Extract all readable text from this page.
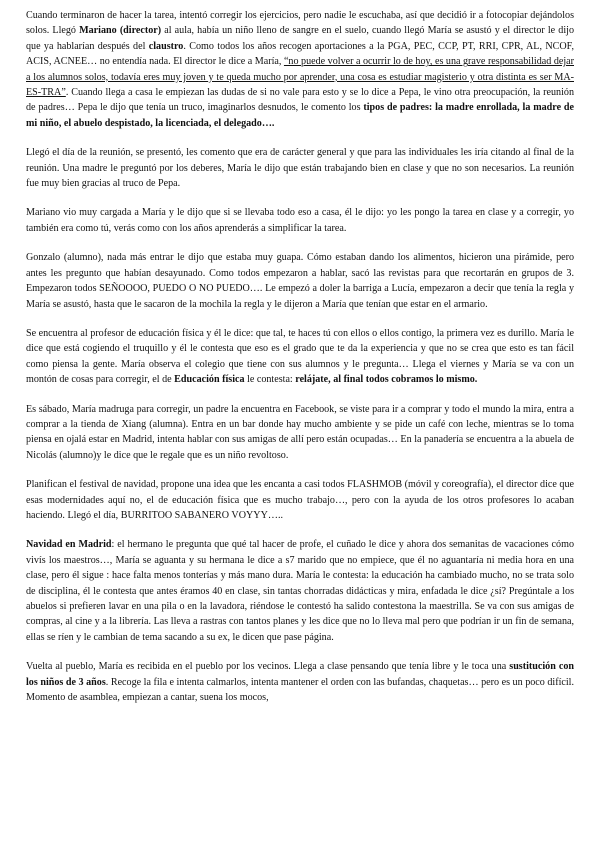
Cuando terminaron de hacer la tarea, intentó corregir los ejercicios, pero nadie le escuchaba, así que decidió ir a fotocopiar dejándolos solos. Llegó Mariano (director) al aula, había un niño lleno de sangre en el suelo, cuando llegó María se asustó y el director le dijo que ya hablarían después del claustro. Como todos los años recogen aportaciones a la PGA, PEC, CCP, PT, RRI, CPR, AL, NCOF, ACIS, ACNEE… no entendía nada. El director le dice a María, “no puede volver a ocurrir lo de hoy, es una grave responsabilidad dejar a los alumnos solos, todavía eres muy joven y te queda mucho por aprender, una cosa es estudiar magisterio y otra distinta es ser MA-ES-TRA”. Cuando llega a casa le empiezan las dudas de si no vale para esto y se lo dice a Pepa, le vino otra preocupación, la reunión de padres… Pepa le dijo que tenía un truco, imaginarlos desnudos, le comento los tipos de padres: la madre enrollada, la madre de mi niño, el abuelo despistado, la licenciada, el delegado….

Llegó el día de la reunión, se presentó, les comento que era de carácter general y que para las individuales les iría citando al final de la reunión. Una madre le preguntó por los deberes, María le dijo que están trabajando bien en clase y que no son necesarios. La reunión fue muy bien gracias al truco de Pepa.

Mariano vio muy cargada a María y le dijo que si se llevaba todo eso a casa, él le dijo: yo les pongo la tarea en clase y a corregir, yo también era como tú, verás como con los años aprenderás a simplificar la tarea.

Gonzalo (alumno), nada más entrar le dijo que estaba muy guapa. Cómo estaban dando los alimentos, hicieron una pirámide, pero antes les pregunto que habían desayunado. Como todos empezaron a hablar, sacó las revistas para que recortarán en grupos de 3. Empezaron todos SEÑOOOO, PUEDO O NO PUEDO…. Le empezó a doler la barriga a Lucía, empezaron a decir que tenía la regla y María se asustó, hasta que le sacaron de la mochila la regla y le dijeron a María que tenían que estar en el armario.

Se encuentra al profesor de educación física y él le dice: que tal, te haces tú con ellos o ellos contigo, la primera vez es durillo. María le dice que está cogiendo el truquillo y él le contesta que eso es el grado que te da la experiencia y que no se crea que esto es tan fácil como piensa la gente. María observa el colegio que tiene con sus alumnos y le pregunta… Llega el viernes y María se va con un montón de cosas para corregir, el de Educación física le contesta: relájate, al final todos cobramos lo mismo.

Es sábado, María madruga para corregir, un padre la encuentra en Facebook, se viste para ir a comprar y todo el mundo la mira, entra a comprar a la tienda de Xiang (alumna). Entra en un bar donde hay mucho ambiente y se pide un café con leche, mientras se lo toma piensa en ojalá estar en Madrid, intenta hablar con sus amigas de allí pero están ocupadas… En la panadería se encuentra a la abuela de Nicolás (alumno)y le dice que le regale que es un niño revoltoso.

Planifican el festival de navidad, propone una idea que les encanta a casi todos FLASHMOB (móvil y coreografía), el director dice que esas modernidades aquí no, el de educación física que es mucho trabajo…, pero con la ayuda de los otros profesores lo acaban haciendo. Llegó el día, BURRITOO SABANERO VOYYY…..

Navidad en Madrid: el hermano le pregunta que qué tal hacer de profe, el cuñado le dice y ahora dos semanitas de vacaciones cómo vivís los maestros…, María se aguanta y su hermana le dice a s7 marido que no empiece, que él no aguantaría ni media hora en una clase, pero él sigue : hace falta menos tonterías y más mano dura. María le contesta: la educación ha cambiado mucho, no se trata solo de disciplina, él le contesta que antes éramos 40 en clase, sin tantas chorradas didácticas y mira, enfadada le dice ¿sí? Pregúntale a los abuelos si prefieren lavar en una pila o en la lavadora, riéndose le contestó ha salido contestona la maestrilla. Se va con sus amigas de compras, al cine y a la librería. Las lleva a rastras con tantos planes y les dice que no lo lleva mal pero que podrían ir un fin de semana, ellas se ríen y le cambian de tema sacando a su ex, le dicen que pase página.

Vuelta al pueblo, María es recibida en el pueblo por los vecinos. Llega a clase pensando que tenía libre y le toca una sustitución con los niños de 3 años. Recoge la fila e intenta calmarlos, intenta mantener el orden con las bufandas, chaquetas… pero es un poco difícil. Momento de asamblea, empiezan a cantar, suena los mocos,
